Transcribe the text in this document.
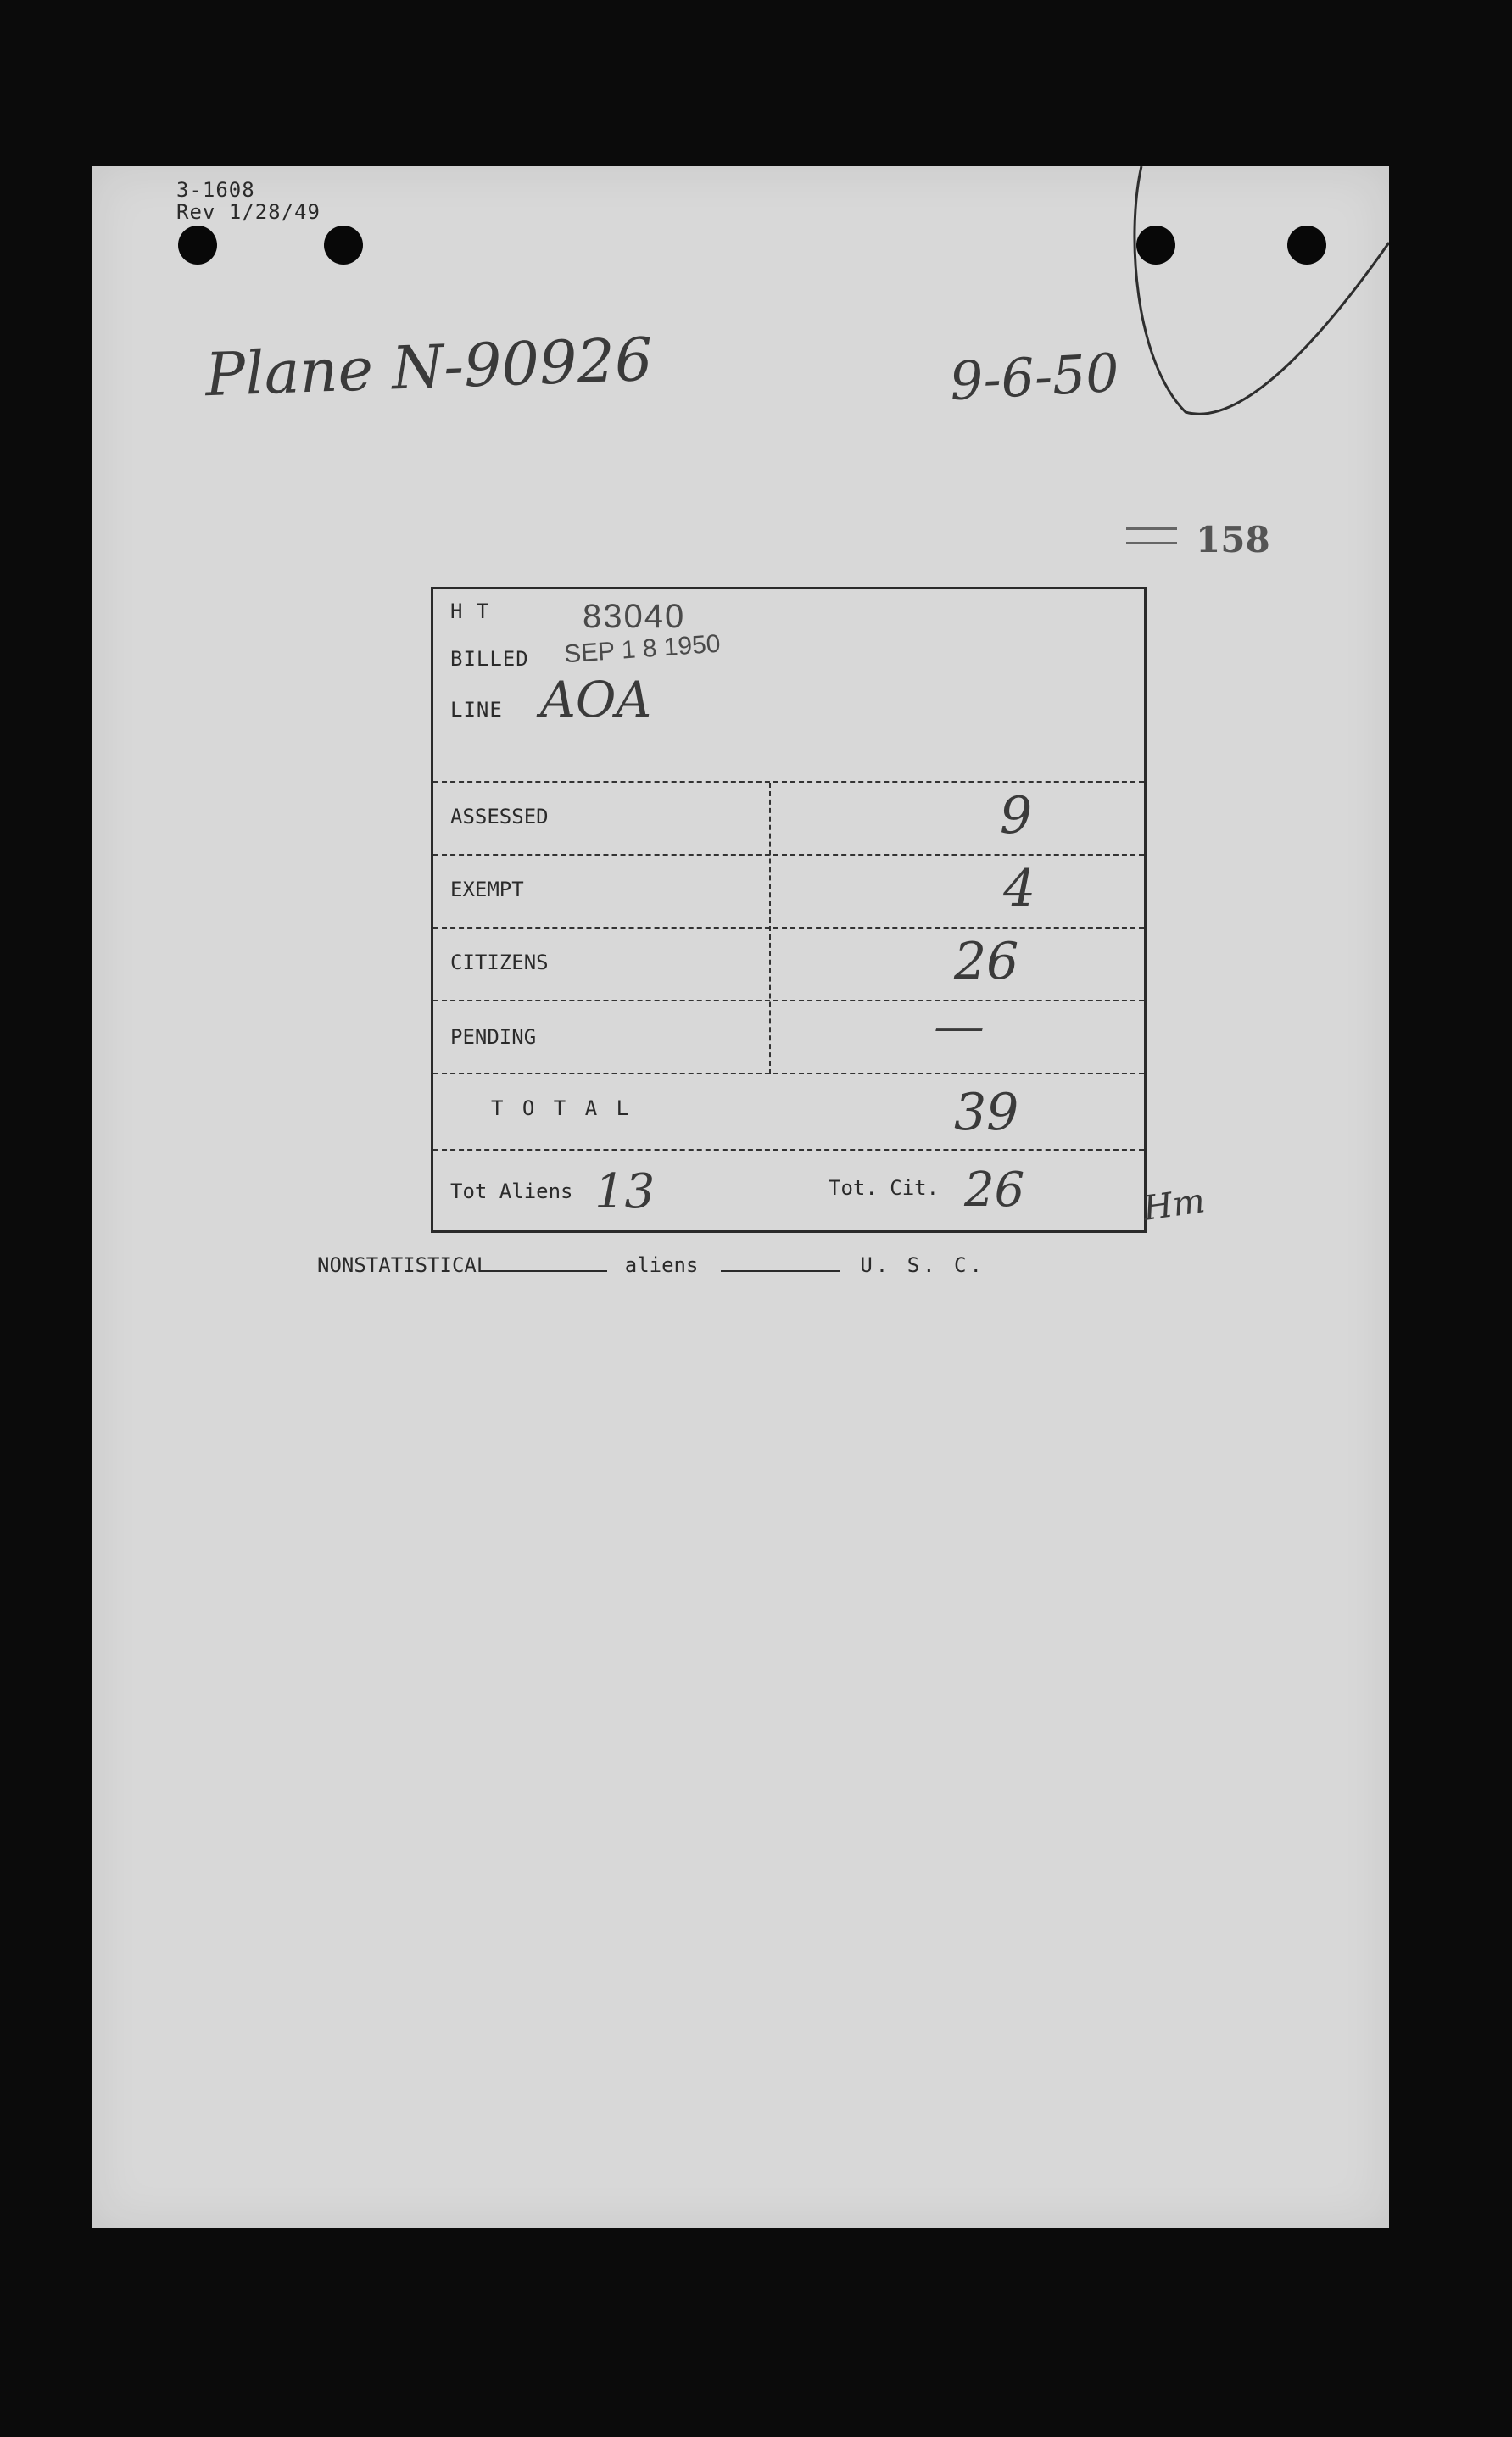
3-1608
Rev 1/28/49
Plane N-90926	9-6-50
158
H T	83040
BILLED SEP 1 8 1950
LINE AOA
ASSESSED	9
EXEMPT	4
CITIZENS	26
PENDING	—
T O T A L	39
Tot Aliens 13	Tot. Cit. 26	Hm
NONSTATISTICAL	aliens	U. S. C.
